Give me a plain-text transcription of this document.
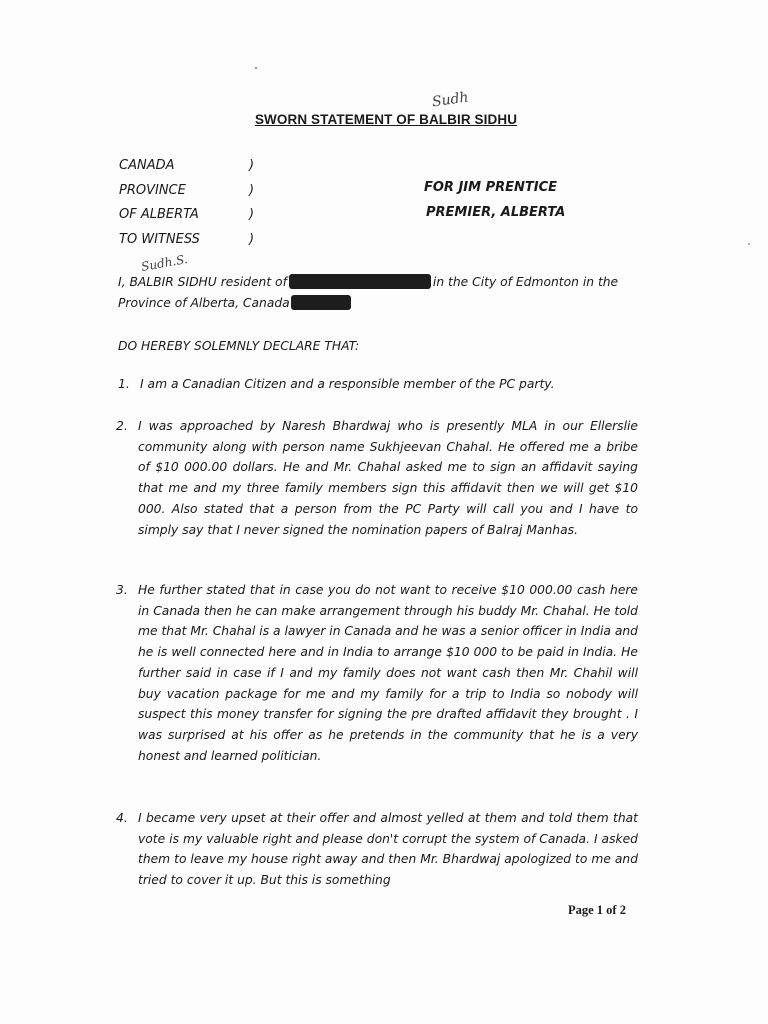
Sudh
SWORN STATEMENT OF BALBIR SIDHU
CANADA	)
PROVINCE	)
OF ALBERTA	)
TO WITNESS	)
FOR JIM PRENTICE
PREMIER, ALBERTA
Sudh.S.
I, BALBIR SIDHU resident of	in the City of Edmonton in the Province of Alberta, Canada
DO HEREBY SOLEMNLY DECLARE THAT:
1. I am a Canadian Citizen and a responsible member of the PC party.
2. I was approached by Naresh Bhardwaj who is presently MLA in our Ellerslie community along with person name Sukhjeevan Chahal. He offered me a bribe of $10 000.00 dollars. He and Mr. Chahal asked me to sign an affidavit saying that me and my three family members sign this affidavit then we will get $10 000. Also stated that a person from the PC Party will call you and I have to simply say that I never signed the nomination papers of Balraj Manhas.
3. He further stated that in case you do not want to receive $10 000.00 cash here in Canada then he can make arrangement through his buddy Mr. Chahal. He told me that Mr. Chahal is a lawyer in Canada and he was a senior officer in India and he is well connected here and in India to arrange $10 000 to be paid in India. He further said in case if I and my family does not want cash then Mr. Chahil will buy vacation package for me and my family for a trip to India so nobody will suspect this money transfer for signing the pre drafted affidavit they brought . I was surprised at his offer as he pretends in the community that he is a very honest and learned politician.
4. I became very upset at their offer and almost yelled at them and told them that vote is my valuable right and please don't corrupt the system of Canada. I asked them to leave my house right away and then Mr. Bhardwaj apologized to me and tried to cover it up. But this is something
Page 1 of 2
